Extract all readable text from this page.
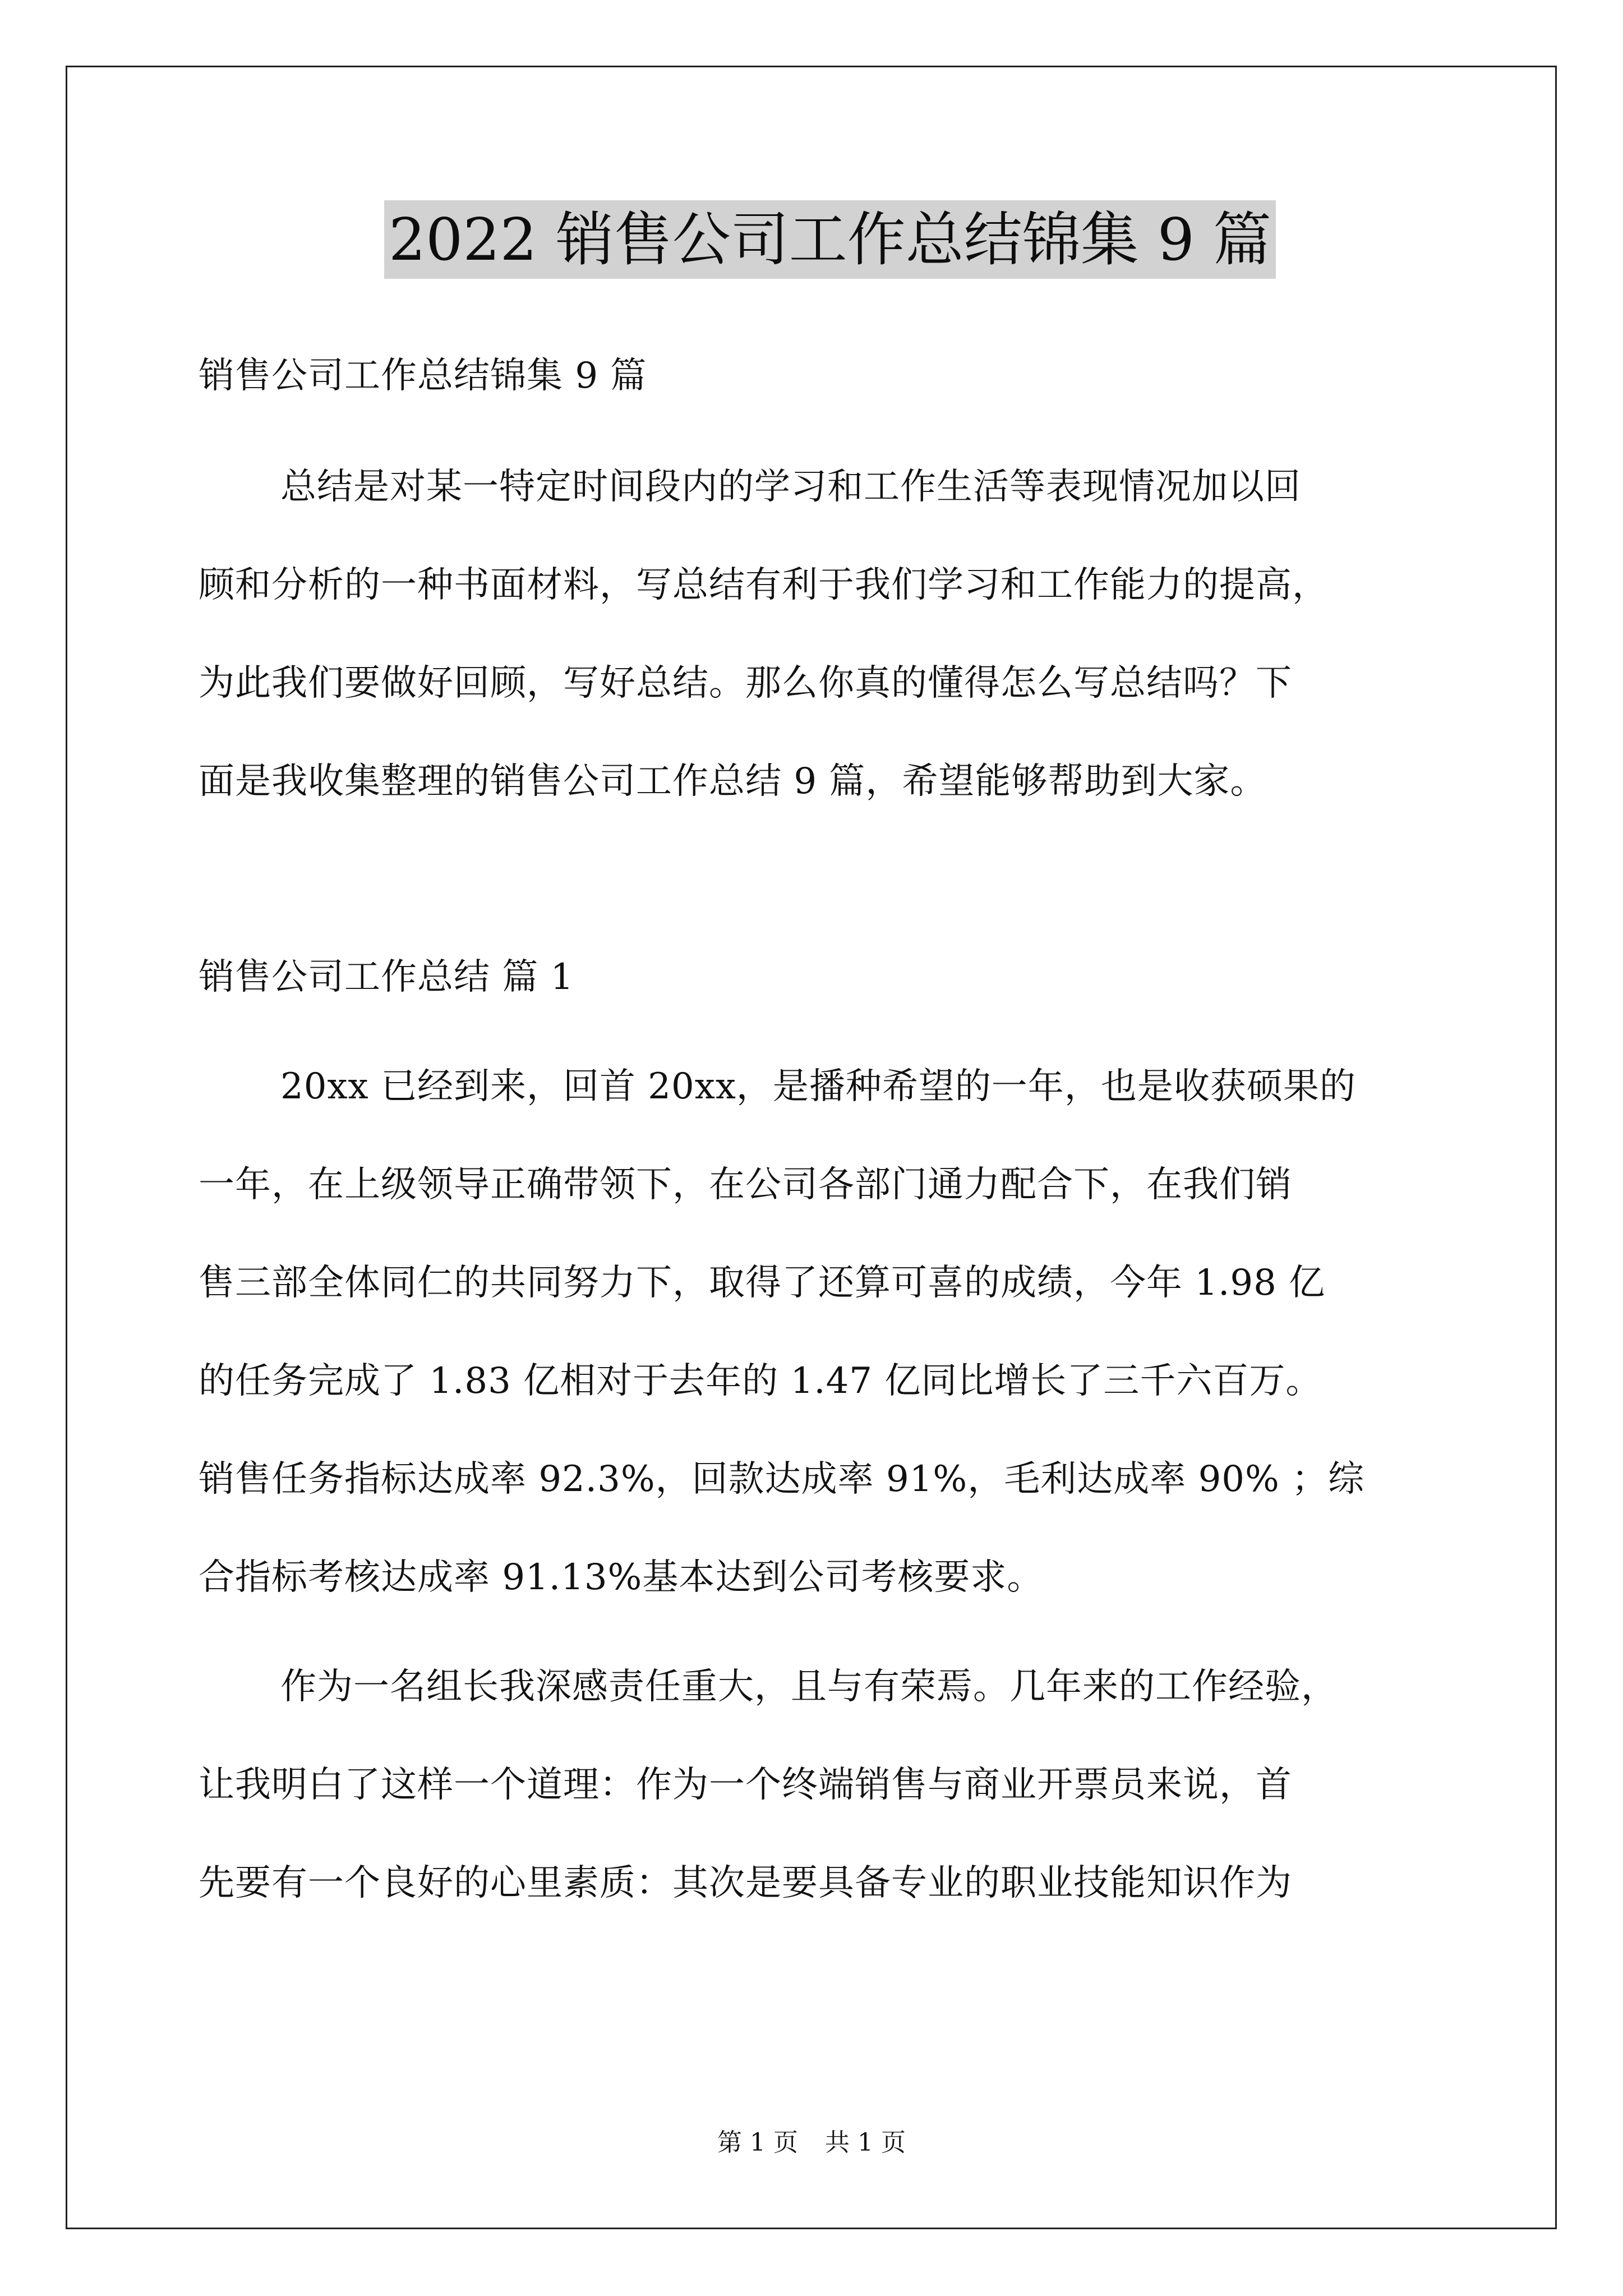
2022 销售公司工作总结锦集 9 篇
销售公司工作总结锦集 9 篇
总结是对某一特定时间段内的学习和工作生活等表现情况加以回
顾和分析的一种书面材料，写总结有利于我们学习和工作能力的提高，
为此我们要做好回顾，写好总结。那么你真的懂得怎么写总结吗？下
面是我收集整理的销售公司工作总结 9 篇，希望能够帮助到大家。
销售公司工作总结 篇 1
20xx 已经到来，回首 20xx，是播种希望的一年，也是收获硕果的
一年，在上级领导正确带领下，在公司各部门通力配合下，在我们销
售三部全体同仁的共同努力下，取得了还算可喜的成绩，今年 1.98 亿
的任务完成了 1.83 亿相对于去年的 1.47 亿同比增长了三千六百万。
销售任务指标达成率 92.3%，回款达成率 91%，毛利达成率 90% ；综
合指标考核达成率 91.13%基本达到公司考核要求。
作为一名组长我深感责任重大，且与有荣焉。几年来的工作经验，
让我明白了这样一个道理：作为一个终端销售与商业开票员来说，首
先要有一个良好的心里素质：其次是要具备专业的职业技能知识作为
第 1 页 共 1 页
